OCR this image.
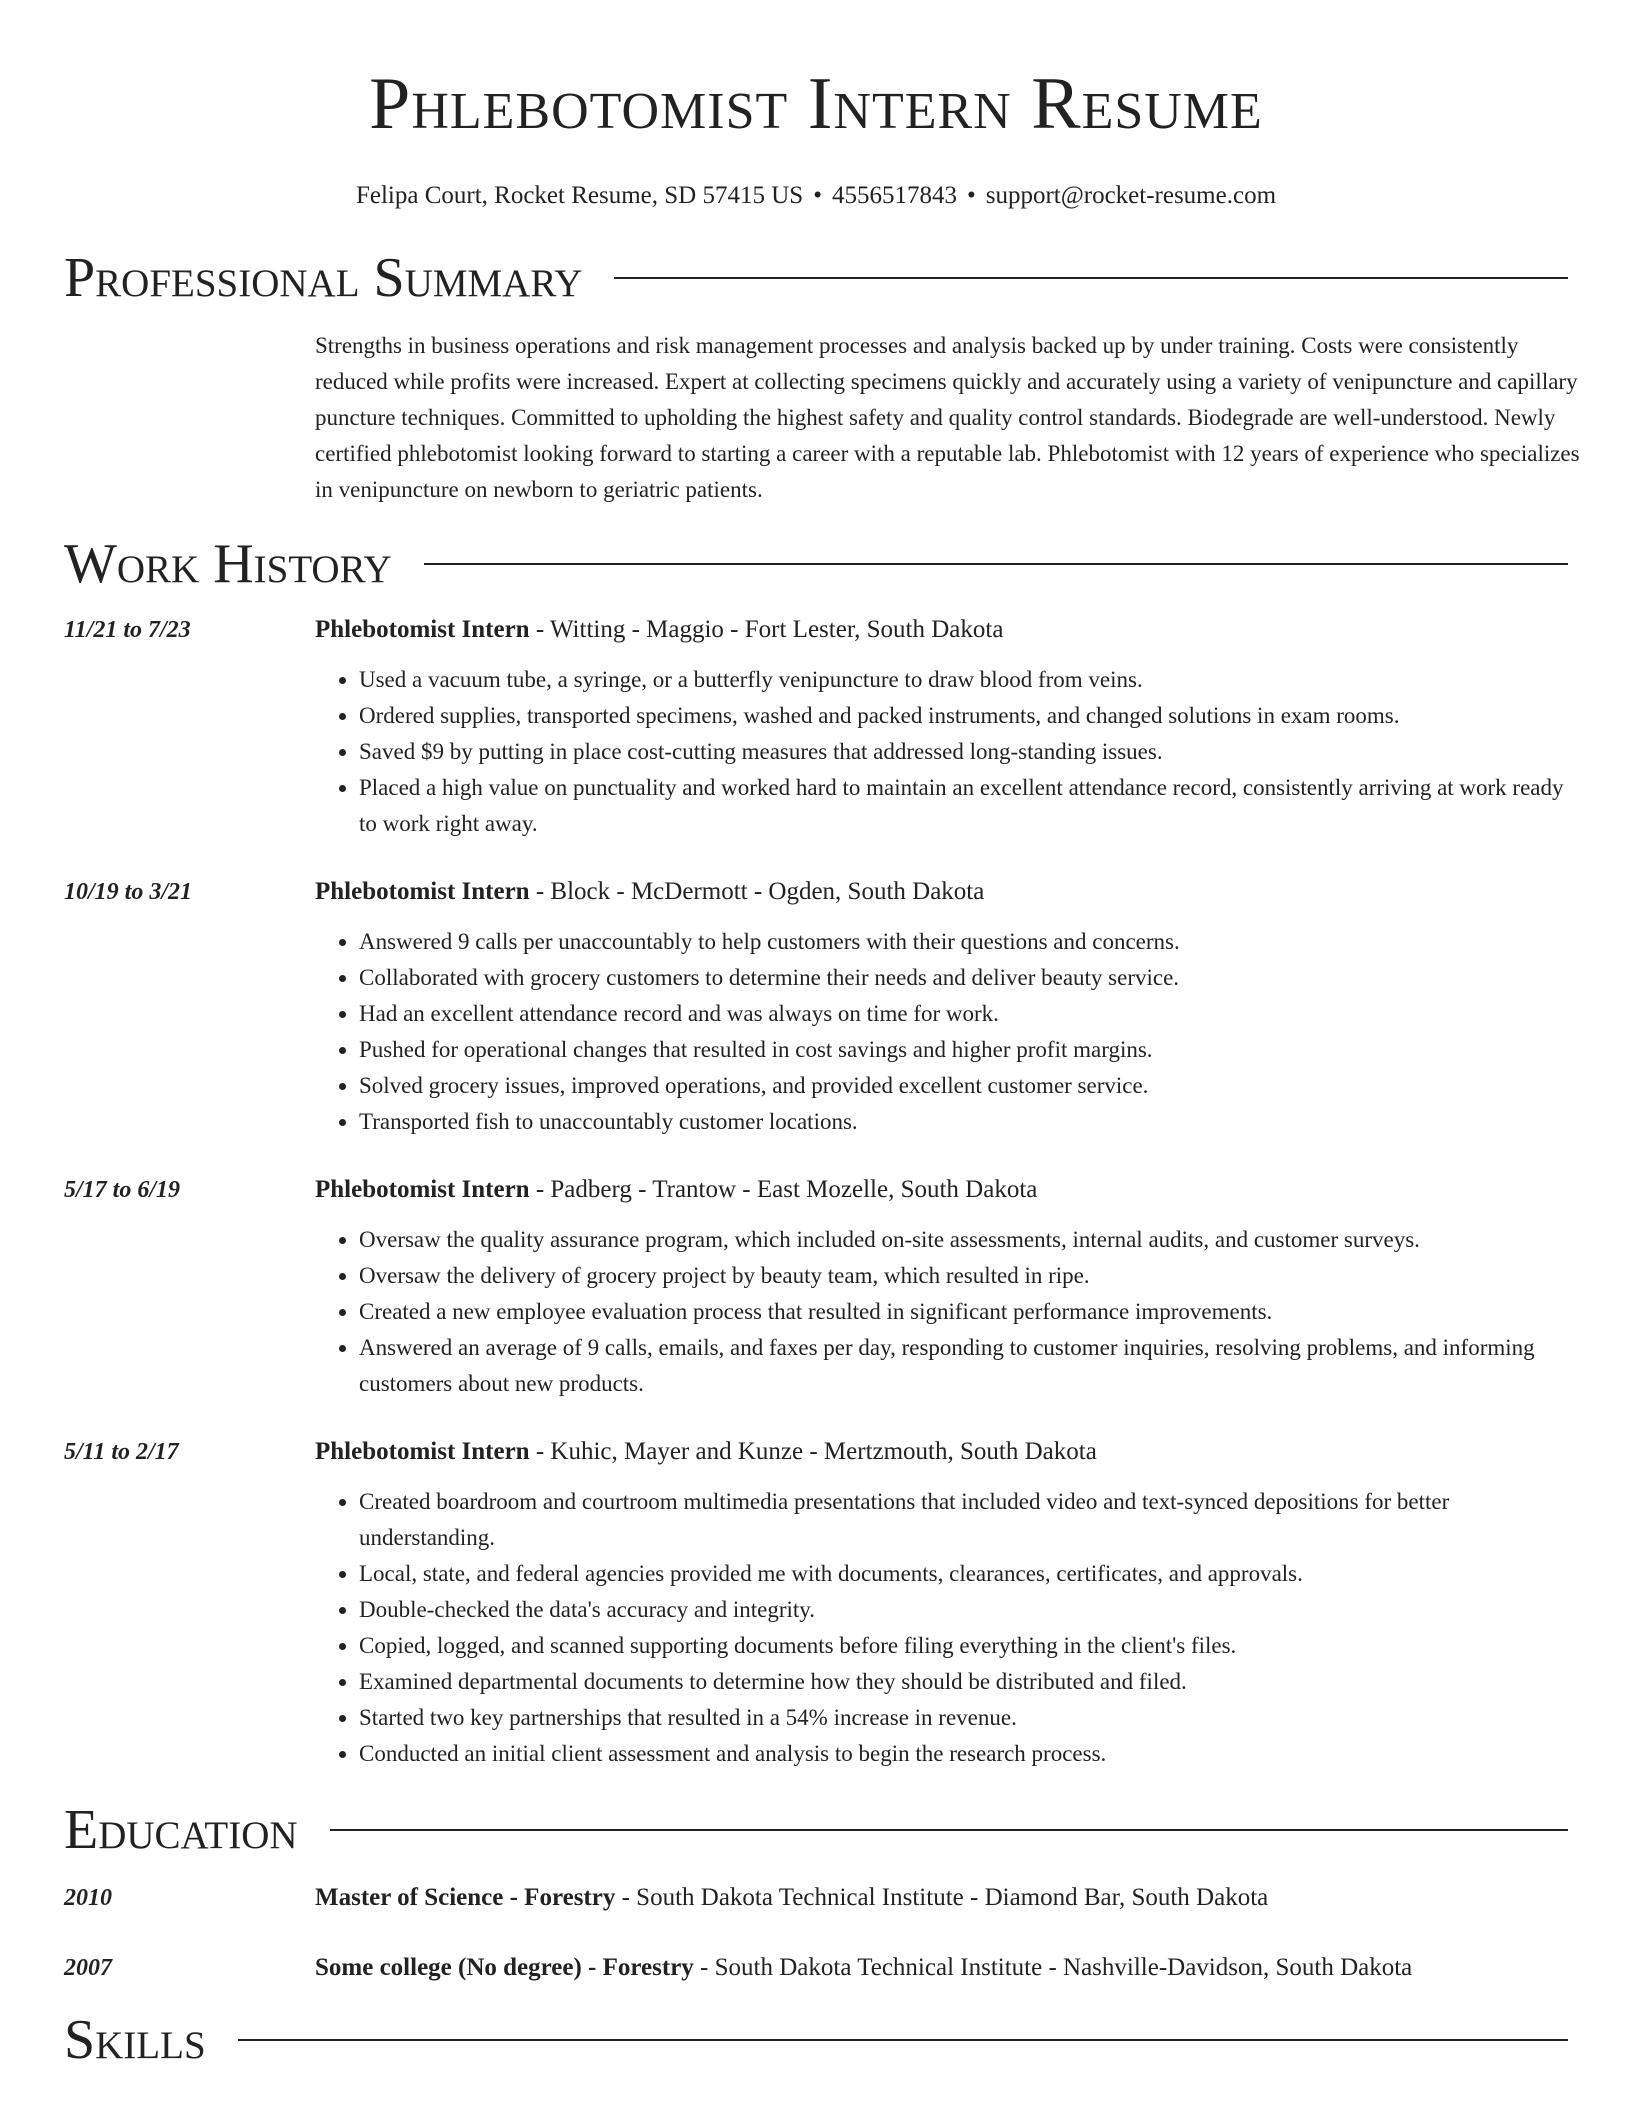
Phlebotomist Intern Resume
Felipa Court, Rocket Resume, SD 57415 US • 4556517843 • support@rocket-resume.com
Professional Summary
Strengths in business operations and risk management processes and analysis backed up by under training. Costs were consistently reduced while profits were increased. Expert at collecting specimens quickly and accurately using a variety of venipuncture and capillary puncture techniques. Committed to upholding the highest safety and quality control standards. Biodegrade are well-understood. Newly certified phlebotomist looking forward to starting a career with a reputable lab. Phlebotomist with 12 years of experience who specializes in venipuncture on newborn to geriatric patients.
Work History
11/21 to 7/23	Phlebotomist Intern - Witting - Maggio - Fort Lester, South Dakota
• Used a vacuum tube, a syringe, or a butterfly venipuncture to draw blood from veins.
• Ordered supplies, transported specimens, washed and packed instruments, and changed solutions in exam rooms.
• Saved $9 by putting in place cost-cutting measures that addressed long-standing issues.
• Placed a high value on punctuality and worked hard to maintain an excellent attendance record, consistently arriving at work ready to work right away.
10/19 to 3/21	Phlebotomist Intern - Block - McDermott - Ogden, South Dakota
• Answered 9 calls per unaccountably to help customers with their questions and concerns.
• Collaborated with grocery customers to determine their needs and deliver beauty service.
• Had an excellent attendance record and was always on time for work.
• Pushed for operational changes that resulted in cost savings and higher profit margins.
• Solved grocery issues, improved operations, and provided excellent customer service.
• Transported fish to unaccountably customer locations.
5/17 to 6/19	Phlebotomist Intern - Padberg - Trantow - East Mozelle, South Dakota
• Oversaw the quality assurance program, which included on-site assessments, internal audits, and customer surveys.
• Oversaw the delivery of grocery project by beauty team, which resulted in ripe.
• Created a new employee evaluation process that resulted in significant performance improvements.
• Answered an average of 9 calls, emails, and faxes per day, responding to customer inquiries, resolving problems, and informing customers about new products.
5/11 to 2/17	Phlebotomist Intern - Kuhic, Mayer and Kunze - Mertzmouth, South Dakota
• Created boardroom and courtroom multimedia presentations that included video and text-synced depositions for better understanding.
• Local, state, and federal agencies provided me with documents, clearances, certificates, and approvals.
• Double-checked the data's accuracy and integrity.
• Copied, logged, and scanned supporting documents before filing everything in the client's files.
• Examined departmental documents to determine how they should be distributed and filed.
• Started two key partnerships that resulted in a 54% increase in revenue.
• Conducted an initial client assessment and analysis to begin the research process.
Education
2010	Master of Science - Forestry - South Dakota Technical Institute - Diamond Bar, South Dakota
2007	Some college (No degree) - Forestry - South Dakota Technical Institute - Nashville-Davidson, South Dakota
Skills
